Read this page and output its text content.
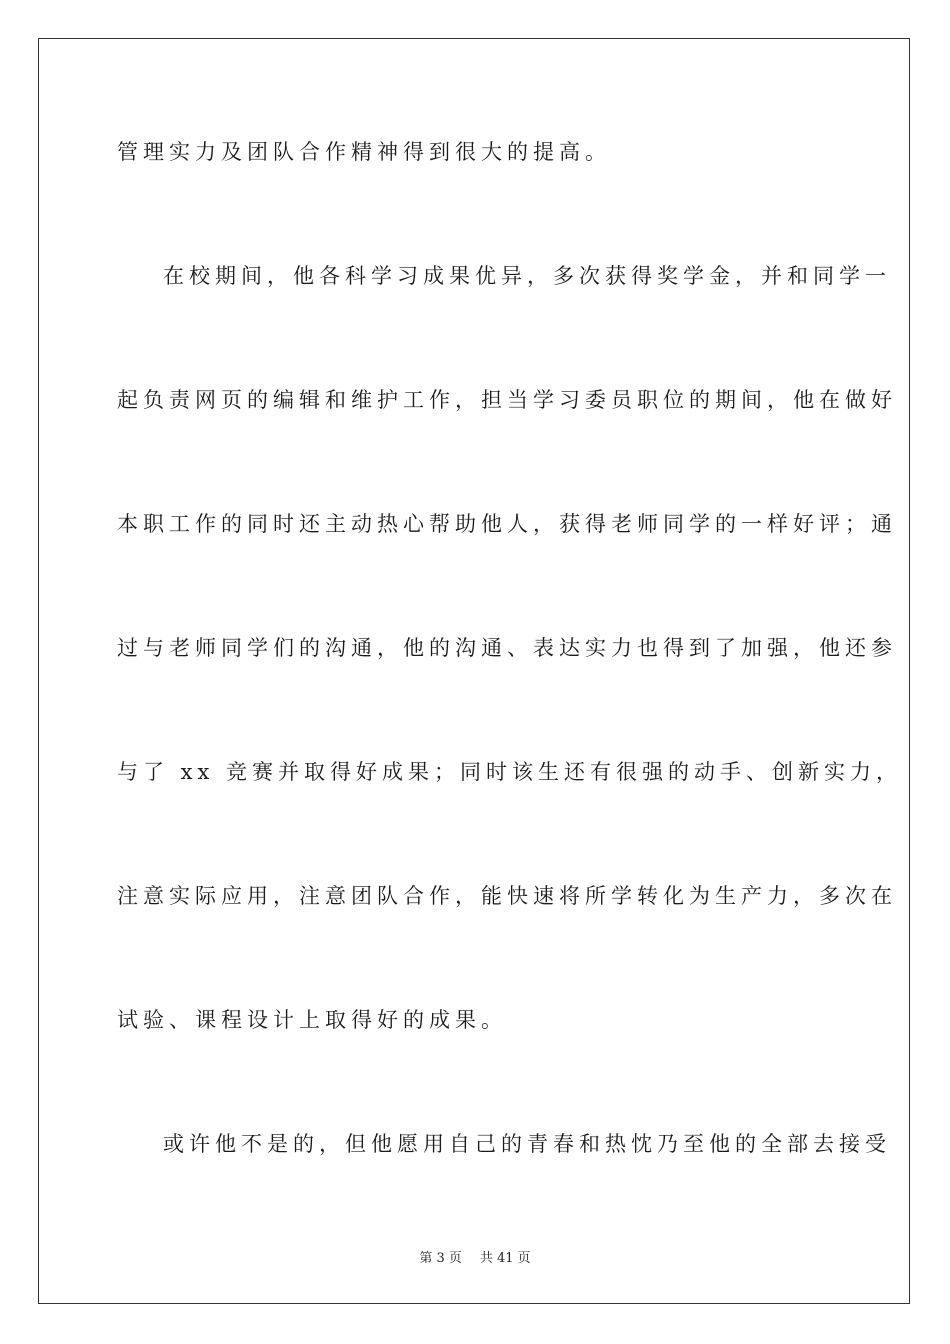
管理实力及团队合作精神得到很大的提高。
在校期间，他各科学习成果优异，多次获得奖学金，并和同学一
起负责网页的编辑和维护工作，担当学习委员职位的期间，他在做好
本职工作的同时还主动热心帮助他人，获得老师同学的一样好评；通
过与老师同学们的沟通，他的沟通、表达实力也得到了加强，他还参
与了 xx 竞赛并取得好成果；同时该生还有很强的动手、创新实力，
注意实际应用，注意团队合作，能快速将所学转化为生产力，多次在
试验、课程设计上取得好的成果。
或许他不是的，但他愿用自己的青春和热忱乃至他的全部去接受
第 3 页 共 41 页
